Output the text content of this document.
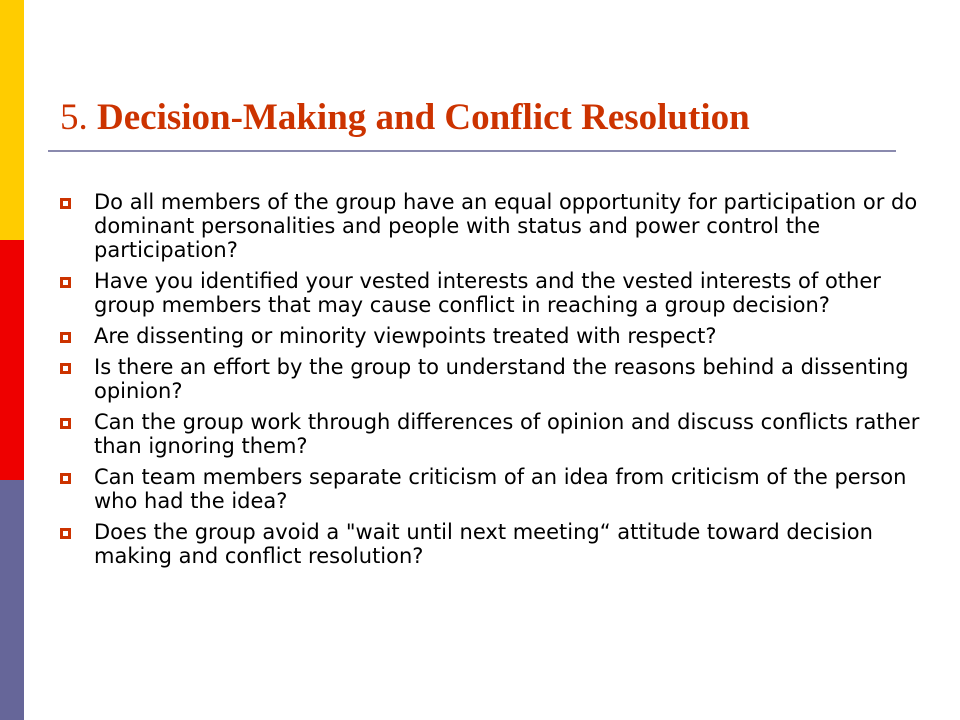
5. Decision-Making and Conflict Resolution
Do all members of the group have an equal opportunity for participation or do dominant personalities and people with status and power control the participation?
Have you identified your vested interests and the vested interests of other group members that may cause conflict in reaching a group decision?
Are dissenting or minority viewpoints treated with respect?
Is there an effort by the group to understand the reasons behind a dissenting opinion?
Can the group work through differences of opinion and discuss conflicts rather than ignoring them?
Can team members separate criticism of an idea from criticism of the person who had the idea?
Does the group avoid a "wait until next meeting“ attitude toward decision making and conflict resolution?
